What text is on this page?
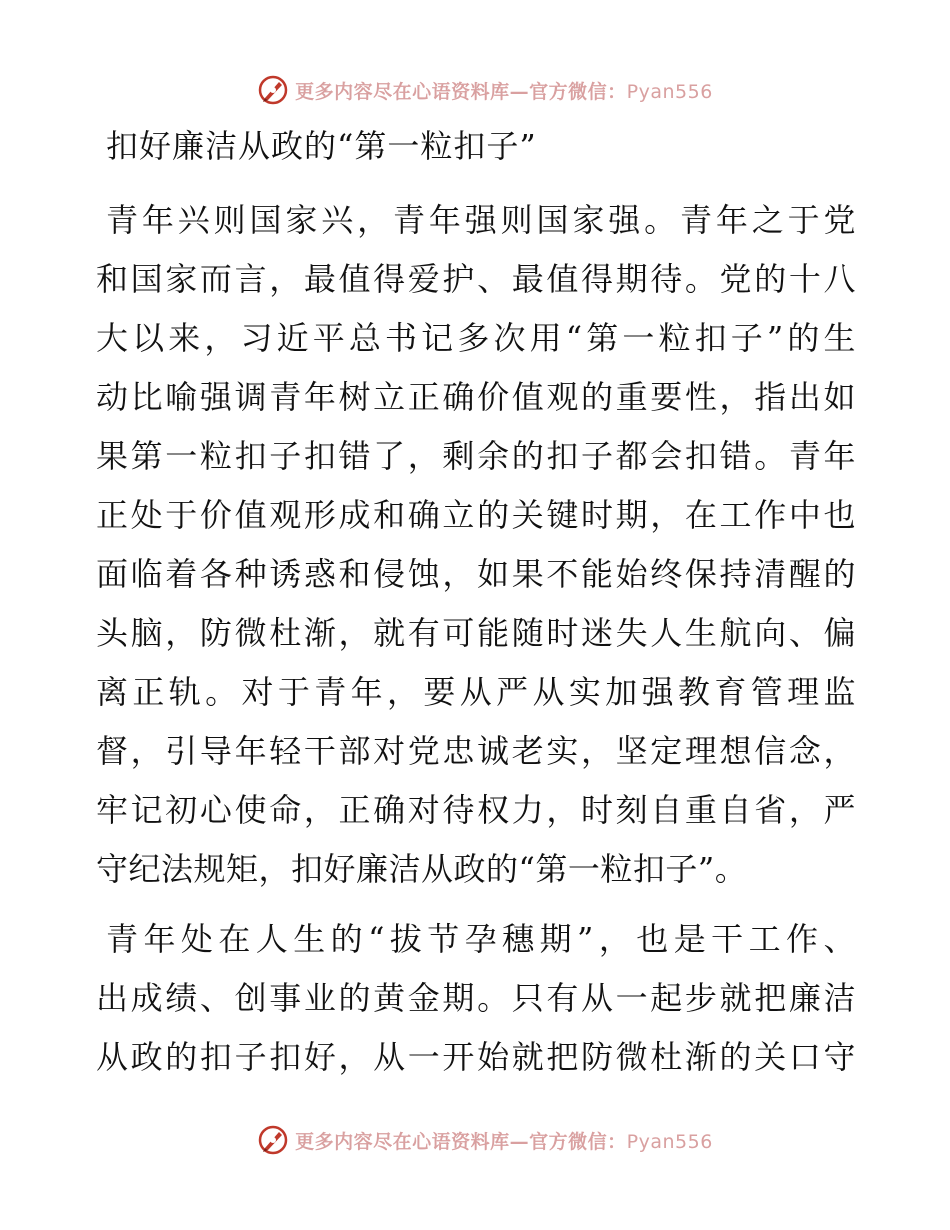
更多内容尽在心语资料库—官方微信：Pyan556
扣好廉洁从政的“第一粒扣子”

青年兴则国家兴，青年强则国家强。青年之于党
和国家而言，最值得爱护、最值得期待。党的十八
大以来，习近平总书记多次用“第一粒扣子”的生
动比喻强调青年树立正确价值观的重要性，指出如
果第一粒扣子扣错了，剩余的扣子都会扣错。青年
正处于价值观形成和确立的关键时期，在工作中也
面临着各种诱惑和侵蚀，如果不能始终保持清醒的
头脑，防微杜渐，就有可能随时迷失人生航向、偏
离正轨。对于青年，要从严从实加强教育管理监
督，引导年轻干部对党忠诚老实，坚定理想信念，
牢记初心使命，正确对待权力，时刻自重自省，严
守纪法规矩，扣好廉洁从政的“第一粒扣子”。

青年处在人生的“拔节孕穗期”，也是干工作、
出成绩、创事业的黄金期。只有从一起步就把廉洁
从政的扣子扣好，从一开始就把防微杜渐的关口守

更多内容尽在心语资料库—官方微信：Pyan556
